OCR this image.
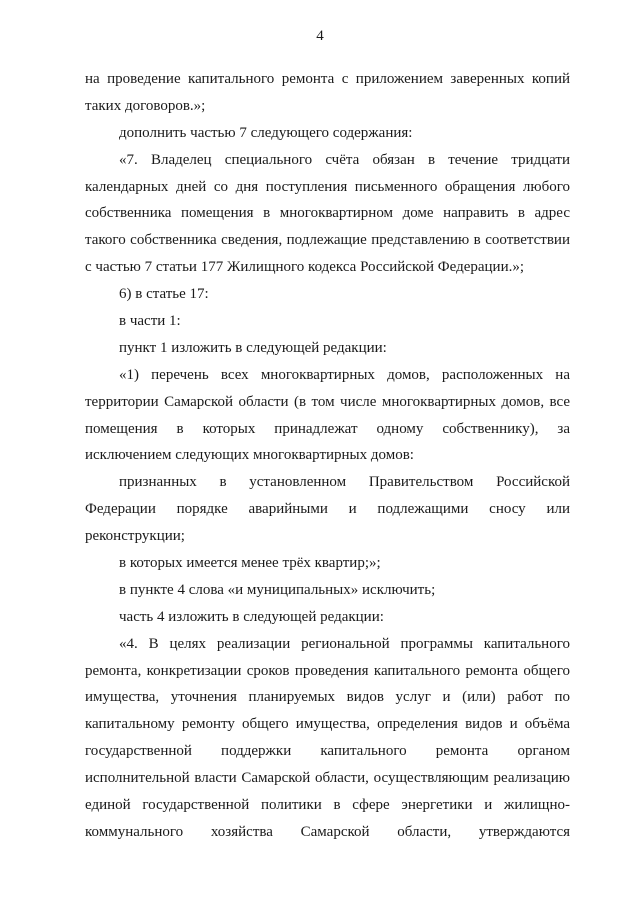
4
на проведение капитального ремонта с приложением заверенных копий
таких договоров.»;
дополнить частью 7 следующего содержания:
«7. Владелец специального счёта обязан в течение тридцати
календарных дней со дня поступления письменного обращения любого
собственника помещения в многоквартирном доме направить в адрес
такого собственника сведения, подлежащие представлению в соответствии
с частью 7 статьи 177 Жилищного кодекса Российской Федерации.»;
6) в статье 17:
в части 1:
пункт 1 изложить в следующей редакции:
«1) перечень всех многоквартирных домов, расположенных на
территории Самарской области (в том числе многоквартирных домов, все
помещения в которых принадлежат одному собственнику), за
исключением следующих многоквартирных домов:
признанных в установленном Правительством Российской
Федерации порядке аварийными и подлежащими сносу или
реконструкции;
в которых имеется менее трёх квартир;»;
в пункте 4 слова «и муниципальных» исключить;
часть 4 изложить в следующей редакции:
«4. В целях реализации региональной программы капитального
ремонта, конкретизации сроков проведения капитального ремонта общего
имущества, уточнения планируемых видов услуг и (или) работ по
капитальному ремонту общего имущества, определения видов и объёма
государственной поддержки капитального ремонта органом
исполнительной власти Самарской области, осуществляющим реализацию
единой государственной политики в сфере энергетики и жилищно-
коммунального хозяйства Самарской области, утверждаются
